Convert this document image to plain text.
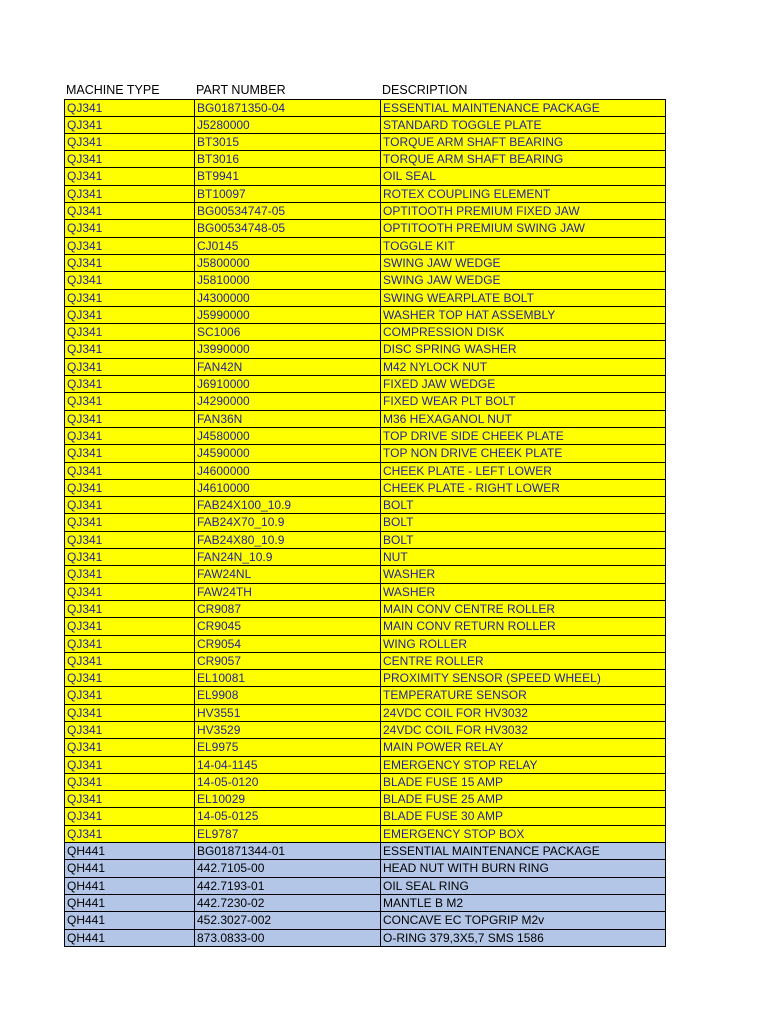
MACHINE TYPE	PART NUMBER	DESCRIPTION
QJ341	BG01871350-04	ESSENTIAL MAINTENANCE PACKAGE
QJ341	J5280000	STANDARD TOGGLE PLATE
QJ341	BT3015	TORQUE ARM SHAFT BEARING
QJ341	BT3016	TORQUE ARM SHAFT BEARING
QJ341	BT9941	OIL SEAL
QJ341	BT10097	ROTEX COUPLING ELEMENT
QJ341	BG00534747-05	OPTITOOTH PREMIUM FIXED JAW
QJ341	BG00534748-05	OPTITOOTH PREMIUM SWING JAW
QJ341	CJ0145	TOGGLE KIT
QJ341	J5800000	SWING JAW WEDGE
QJ341	J5810000	SWING JAW WEDGE
QJ341	J4300000	SWING WEARPLATE BOLT
QJ341	J5990000	WASHER TOP HAT ASSEMBLY
QJ341	SC1006	COMPRESSION DISK
QJ341	J3990000	DISC SPRING WASHER
QJ341	FAN42N	M42 NYLOCK NUT
QJ341	J6910000	FIXED JAW WEDGE
QJ341	J4290000	FIXED WEAR PLT BOLT
QJ341	FAN36N	M36 HEXAGANOL NUT
QJ341	J4580000	TOP DRIVE SIDE CHEEK PLATE
QJ341	J4590000	TOP NON DRIVE CHEEK PLATE
QJ341	J4600000	CHEEK PLATE - LEFT LOWER
QJ341	J4610000	CHEEK PLATE - RIGHT LOWER
QJ341	FAB24X100_10.9	BOLT
QJ341	FAB24X70_10.9	BOLT
QJ341	FAB24X80_10.9	BOLT
QJ341	FAN24N_10.9	NUT
QJ341	FAW24NL	WASHER
QJ341	FAW24TH	WASHER
QJ341	CR9087	MAIN CONV CENTRE ROLLER
QJ341	CR9045	MAIN CONV RETURN ROLLER
QJ341	CR9054	WING ROLLER
QJ341	CR9057	CENTRE ROLLER
QJ341	EL10081	PROXIMITY SENSOR (SPEED WHEEL)
QJ341	EL9908	TEMPERATURE SENSOR
QJ341	HV3551	24VDC COIL FOR HV3032
QJ341	HV3529	24VDC COIL FOR HV3032
QJ341	EL9975	MAIN POWER RELAY
QJ341	14-04-1145	EMERGENCY STOP RELAY
QJ341	14-05-0120	BLADE FUSE 15 AMP
QJ341	EL10029	BLADE FUSE 25 AMP
QJ341	14-05-0125	BLADE FUSE 30 AMP
QJ341	EL9787	EMERGENCY STOP BOX
QH441	BG01871344-01	ESSENTIAL MAINTENANCE PACKAGE
QH441	442.7105-00	HEAD NUT WITH BURN RING
QH441	442.7193-01	OIL SEAL RING
QH441	442.7230-02	MANTLE B M2
QH441	452.3027-002	CONCAVE EC TOPGRIP M2v
QH441	873.0833-00	O-RING 379,3X5,7 SMS 1586
